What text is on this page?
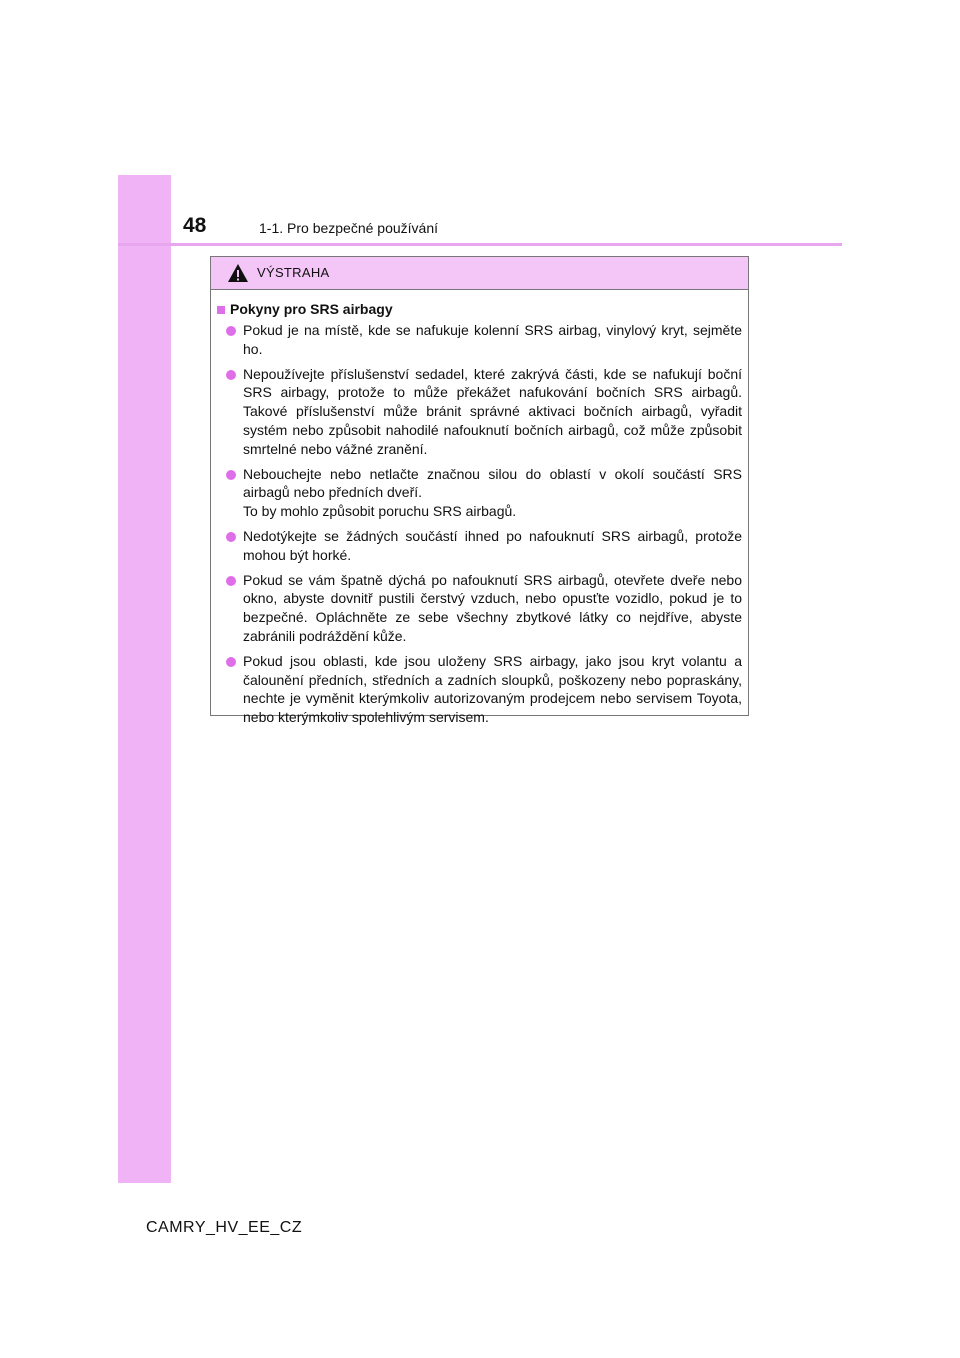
48	1-1. Pro bezpečné používání
VÝSTRAHA
Pokyny pro SRS airbagy
Pokud je na místě, kde se nafukuje kolenní SRS airbag, vinylový kryt, sejměte ho.
Nepoužívejte příslušenství sedadel, které zakrývá části, kde se nafukují boční SRS airbagy, protože to může překážet nafukování bočních SRS airbagů. Takové příslušenství může bránit správné aktivaci bočních airbagů, vyřadit systém nebo způsobit nahodilé nafouknutí bočních airbagů, což může způsobit smrtelné nebo vážné zranění.
Nebouchejte nebo netlačte značnou silou do oblastí v okolí součástí SRS airbagů nebo předních dveří.
To by mohlo způsobit poruchu SRS airbagů.
Nedotýkejte se žádných součástí ihned po nafouknutí SRS airbagů, protože mohou být horké.
Pokud se vám špatně dýchá po nafouknutí SRS airbagů, otevřete dveře nebo okno, abyste dovnitř pustili čerstvý vzduch, nebo opusťte vozidlo, pokud je to bezpečné. Opláchněte ze sebe všechny zbytkové látky co nejdříve, abyste zabránili podráždění kůže.
Pokud jsou oblasti, kde jsou uloženy SRS airbagy, jako jsou kryt volantu a čalounění předních, středních a zadních sloupků, poškozeny nebo popraskány, nechte je vyměnit kterýmkoliv autorizovaným prodejcem nebo servisem Toyota, nebo kterýmkoliv spolehlivým servisem.
CAMRY_HV_EE_CZ
